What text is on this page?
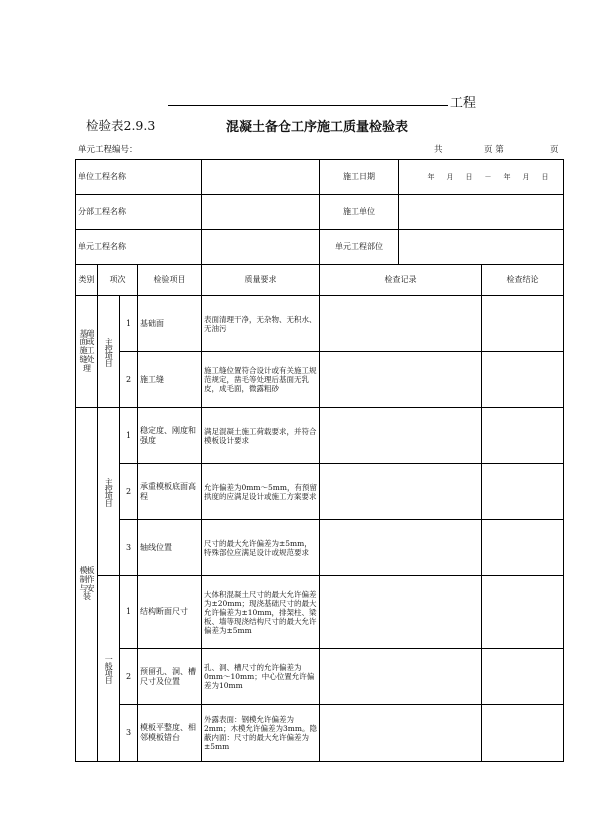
工程
检验表2.9.3	混凝土备仓工序施工质量检验表
单元工程编号：	共	页 第	页
单位工程名称			施工日期	年 月 日 － 年 月 日

分部工程名称			施工单位	

单元工程名称			单元工程部位	

类别	项次	检验项目	质量要求	检查记录	检查结论
基础面或施工缝处理	主控项目	1	基础面	表面清理干净，无杂物、无积水、无油污		
2	施工缝	施工缝位置符合设计或有关施工规范规定，凿毛等处理后基面无乳皮，成毛面，微露粗砂		
模板制作与安装	主控项目	1	稳定度、刚度和强度	满足混凝土施工荷载要求，并符合模板设计要求		
2	承重模板底面高程	允许偏差为0mm～5mm，有预留拱度的应满足设计或施工方案要求		
3	轴线位置	尺寸的最大允许偏差为±5mm，特殊部位应满足设计或规范要求		
一般项目	1	结构断面尺寸	大体积混凝土尺寸的最大允许偏差为±20mm；现浇基础尺寸的最大允许偏差为±10mm，排架柱、梁板、墙等现浇结构尺寸的最大允许偏差为±5mm		
2	预留孔、洞、槽尺寸及位置	孔、洞、槽尺寸的允许偏差为0mm～10mm；中心位置允许偏差为10mm		
3	模板平整度、相邻模板错台	外露表面：钢模允许偏差为2mm；木模允许偏差为3mm。隐蔽内面：尺寸的最大允许偏差为±5mm		
